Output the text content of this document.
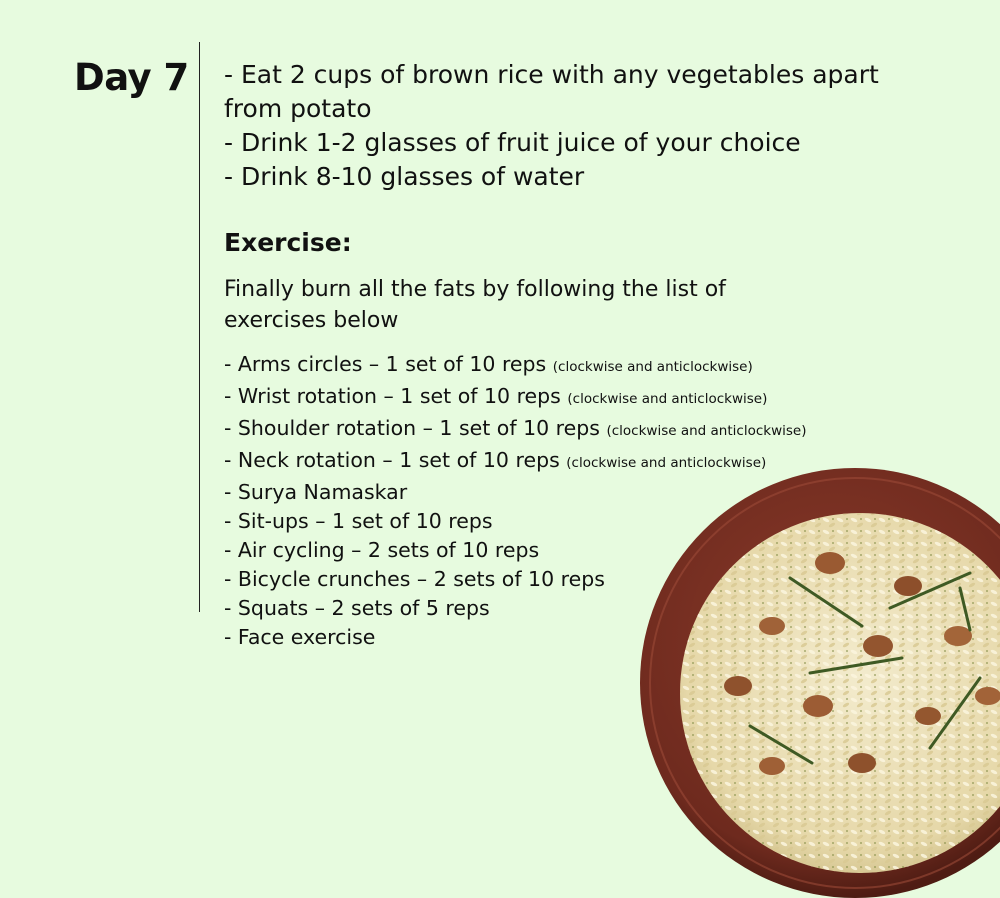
Day 7 - Eat 2 cups of brown rice with any vegetables apart from potato
- Drink 1-2 glasses of fruit juice of your choice
- Drink 8-10 glasses of water
Exercise:

Finally burn all the fats by following the list of exercises below

- Arms circles – 1 set of 10 reps (clockwise and anticlockwise)
- Wrist rotation – 1 set of 10 reps (clockwise and anticlockwise)
- Shoulder rotation – 1 set of 10 reps (clockwise and anticlockwise)
- Neck rotation – 1 set of 10 reps (clockwise and anticlockwise)
- Surya Namaskar
- Sit-ups – 1 set of 10 reps
- Air cycling – 2 sets of 10 reps
- Bicycle crunches – 2 sets of 10 reps
- Squats – 2 sets of 5 reps
- Face exercise
